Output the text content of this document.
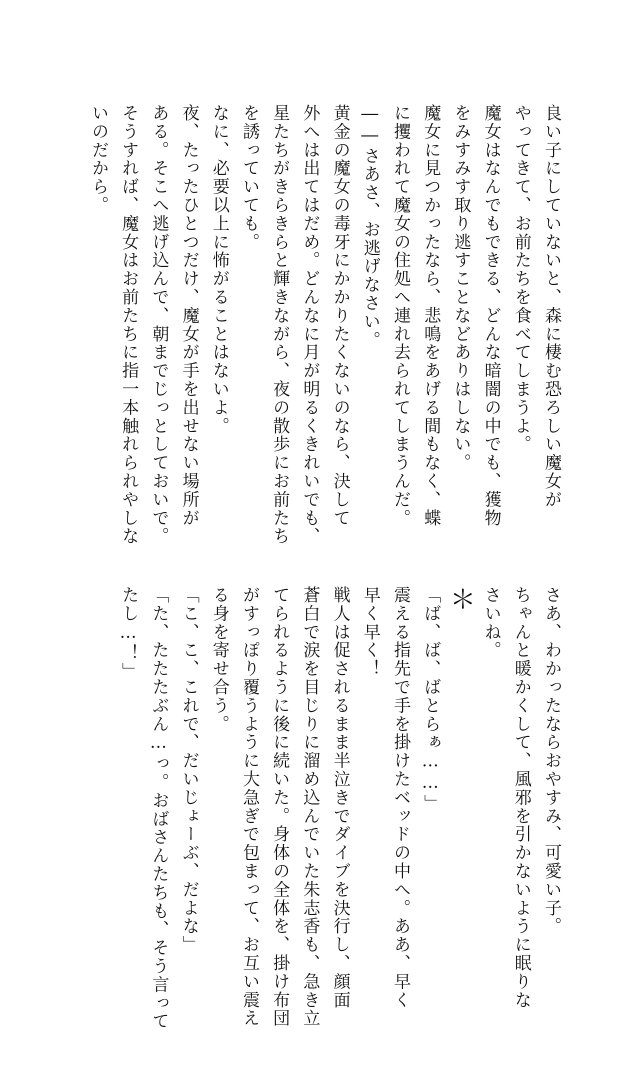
良い子にしていないと、森に棲む恐ろしい魔女が
やってきて、お前たちを食べてしまうよ。
魔女はなんでもできる、どんな暗闇の中でも、獲物
をみすみす取り逃すことなどありはしない。
魔女に見つかったなら、悲鳴をあげる間もなく、蝶
に攫われて魔女の住処へ連れ去られてしまうんだ。
――さあさ、お逃げなさい。
黄金の魔女の毒牙にかかりたくないのなら、決して
外へは出てはだめ。どんなに月が明るくきれいでも、
星たちがきらきらと輝きながら、夜の散歩にお前たち
を誘っていても。
なに、必要以上に怖がることはないよ。
夜、たったひとつだけ、魔女が手を出せない場所が
ある。そこへ逃げ込んで、朝までじっとしておいで。
そうすれば、魔女はお前たちに指一本触れられやしな
いのだから。
さあ、わかったならおやすみ、可愛い子。
ちゃんと暖かくして、風邪を引かないように眠りな
さいね。
＊
「ば、ば、ばとらぁ……」
震える指先で手を掛けたベッドの中へ。ああ、早く
早く早く！
戦人は促されるまま半泣きでダイブを決行し、顔面
蒼白で涙を目じりに溜め込んでいた朱志香も、急き立
てられるように後に続いた。身体の全体を、掛け布団
がすっぽり覆うように大急ぎで包まって、お互い震え
る身を寄せ合う。
「こ、こ、これで、だいじょーぶ、だよな」
「た、たたたぶん…っ。おばさんたちも、そう言って
たし…！」
